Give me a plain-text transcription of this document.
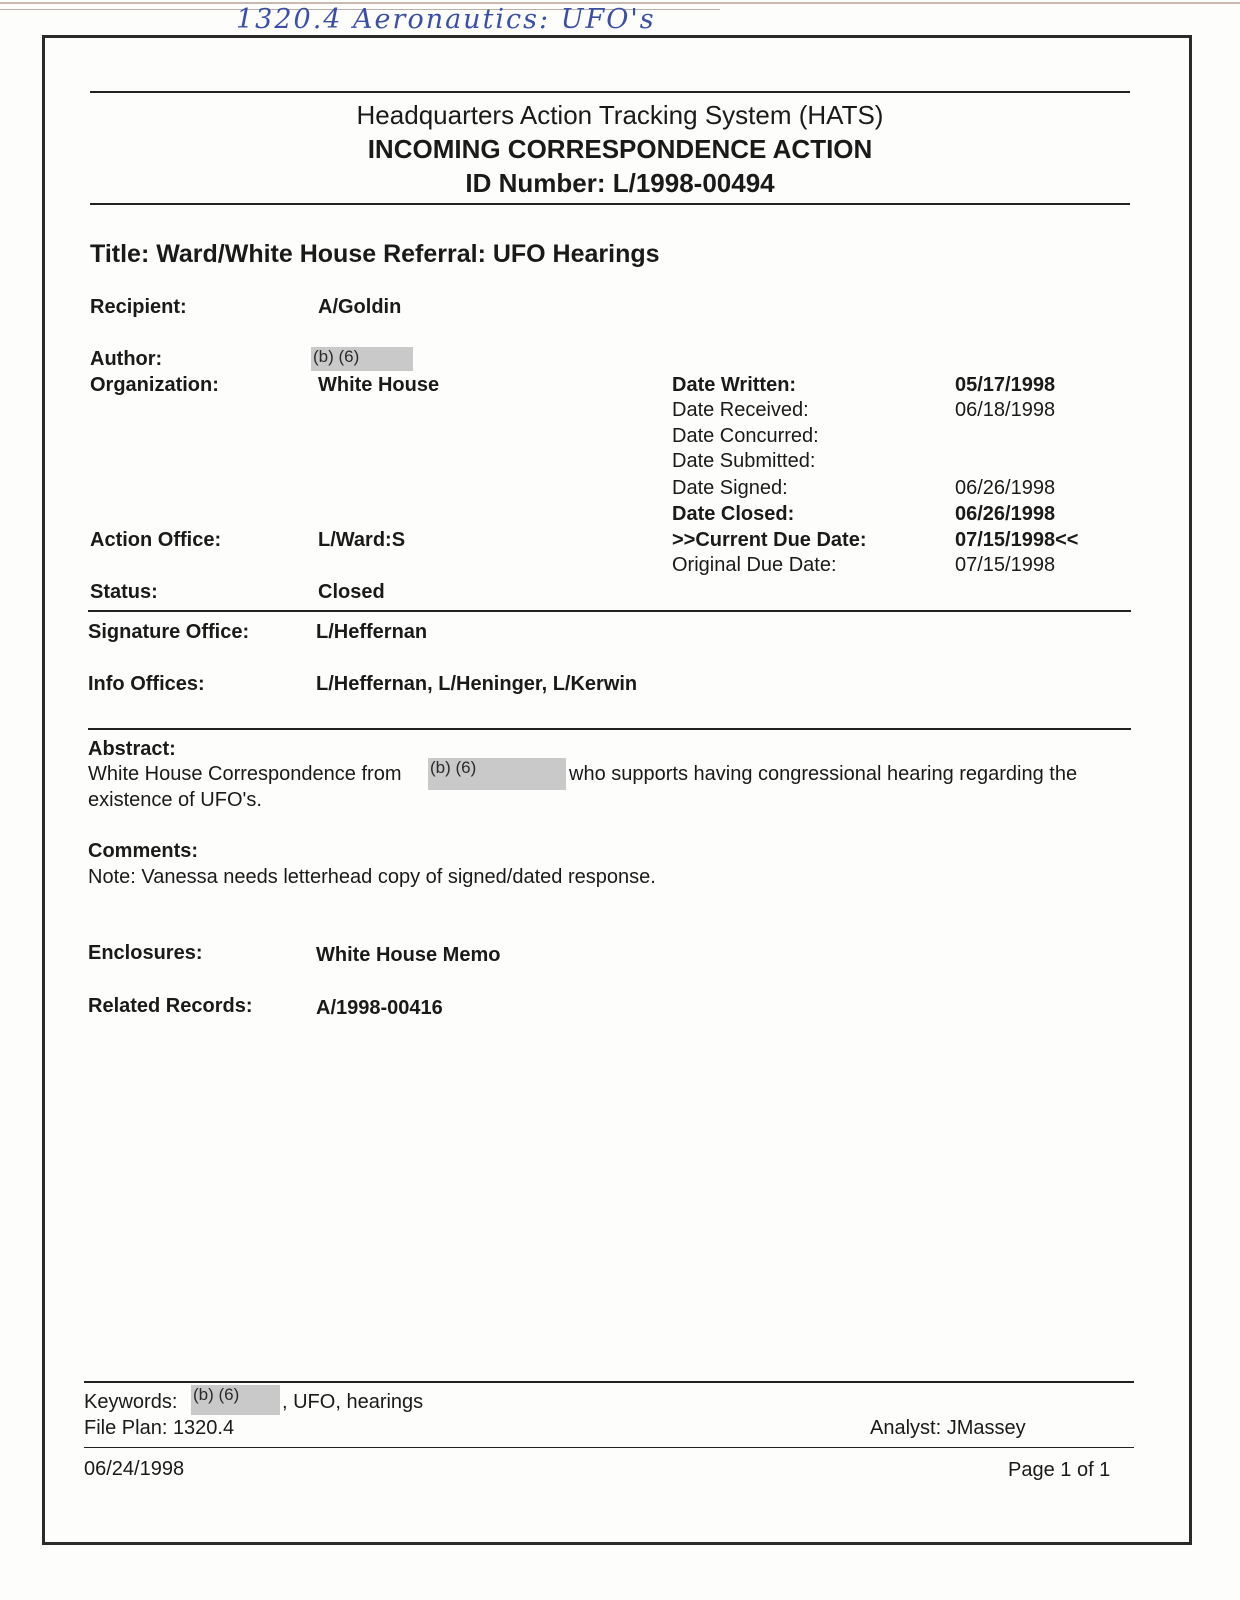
1320.4 Aeronautics: UFO's
Headquarters Action Tracking System (HATS)
INCOMING CORRESPONDENCE ACTION
ID Number: L/1998-00494
Title: Ward/White House Referral: UFO Hearings
Recipient:	A/Goldin
Author:	(b) (6)
Organization:	White House
Action Office:	L/Ward:S
Status:	Closed
Date Written:	05/17/1998
Date Received:	06/18/1998
Date Concurred:
Date Submitted:
Date Signed:	06/26/1998
Date Closed:	06/26/1998
>>Current Due Date:	07/15/1998<<
Original Due Date:	07/15/1998
Signature Office:	L/Heffernan
Info Offices:	L/Heffernan, L/Heninger, L/Kerwin
Abstract:
White House Correspondence from (b) (6)	who supports having congressional hearing regarding the
existence of UFO's.
Comments:
Note: Vanessa needs letterhead copy of signed/dated response.
Enclosures:	White House Memo
Related Records:	A/1998-00416
Keywords: (b) (6)	, UFO, hearings
File Plan: 1320.4	Analyst: JMassey
06/24/1998	Page 1 of 1
